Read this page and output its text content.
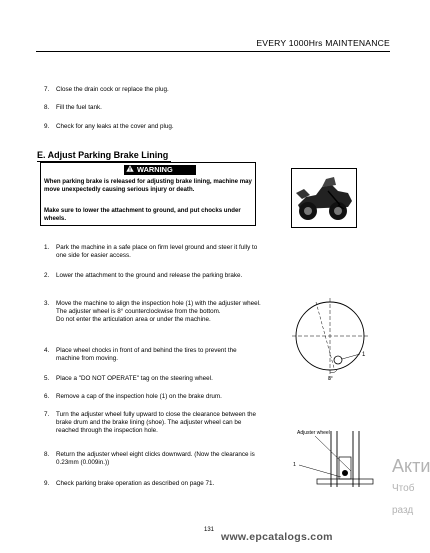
EVERY 1000Hrs MAINTENANCE
7. Close the drain cock or replace the plug.
8. Fill the fuel tank.
9. Check for any leaks at the cover and plug.
E. Adjust Parking Brake Lining
WARNING
When parking brake is released for adjusting brake lining, machine may move unexpectedly causing serious injury or death.
Make sure to lower the attachment to ground, and put chocks under wheels.
1. Park the machine in a safe place on firm level ground and steer it fully to one side for easier access.
2. Lower the attachment to the ground and release the parking brake.
3. Move the machine to align the inspection hole (1) with the adjuster wheel. The adjuster wheel is 8° counterclockwise from the bottom.
Do not enter the articulation area or under the machine.
4. Place wheel chocks in front of and behind the tires to prevent the machine from moving.
5. Place a "DO NOT OPERATE" tag on the steering wheel.
6. Remove a cap of the inspection hole (1) on the brake drum.
7. Turn the adjuster wheel fully upward to close the clearance between the brake drum and the brake lining (shoe). The adjuster wheel can be reached through the inspection hole.
8. Return the adjuster wheel eight clicks downward. (Now the clearance is 0.23mm (0.009in.))
9. Check parking brake operation as described on page 71.
1
8°
Adjuster wheel
1
131
www.epcatalogs.com
Акти
Чтоб
разд
